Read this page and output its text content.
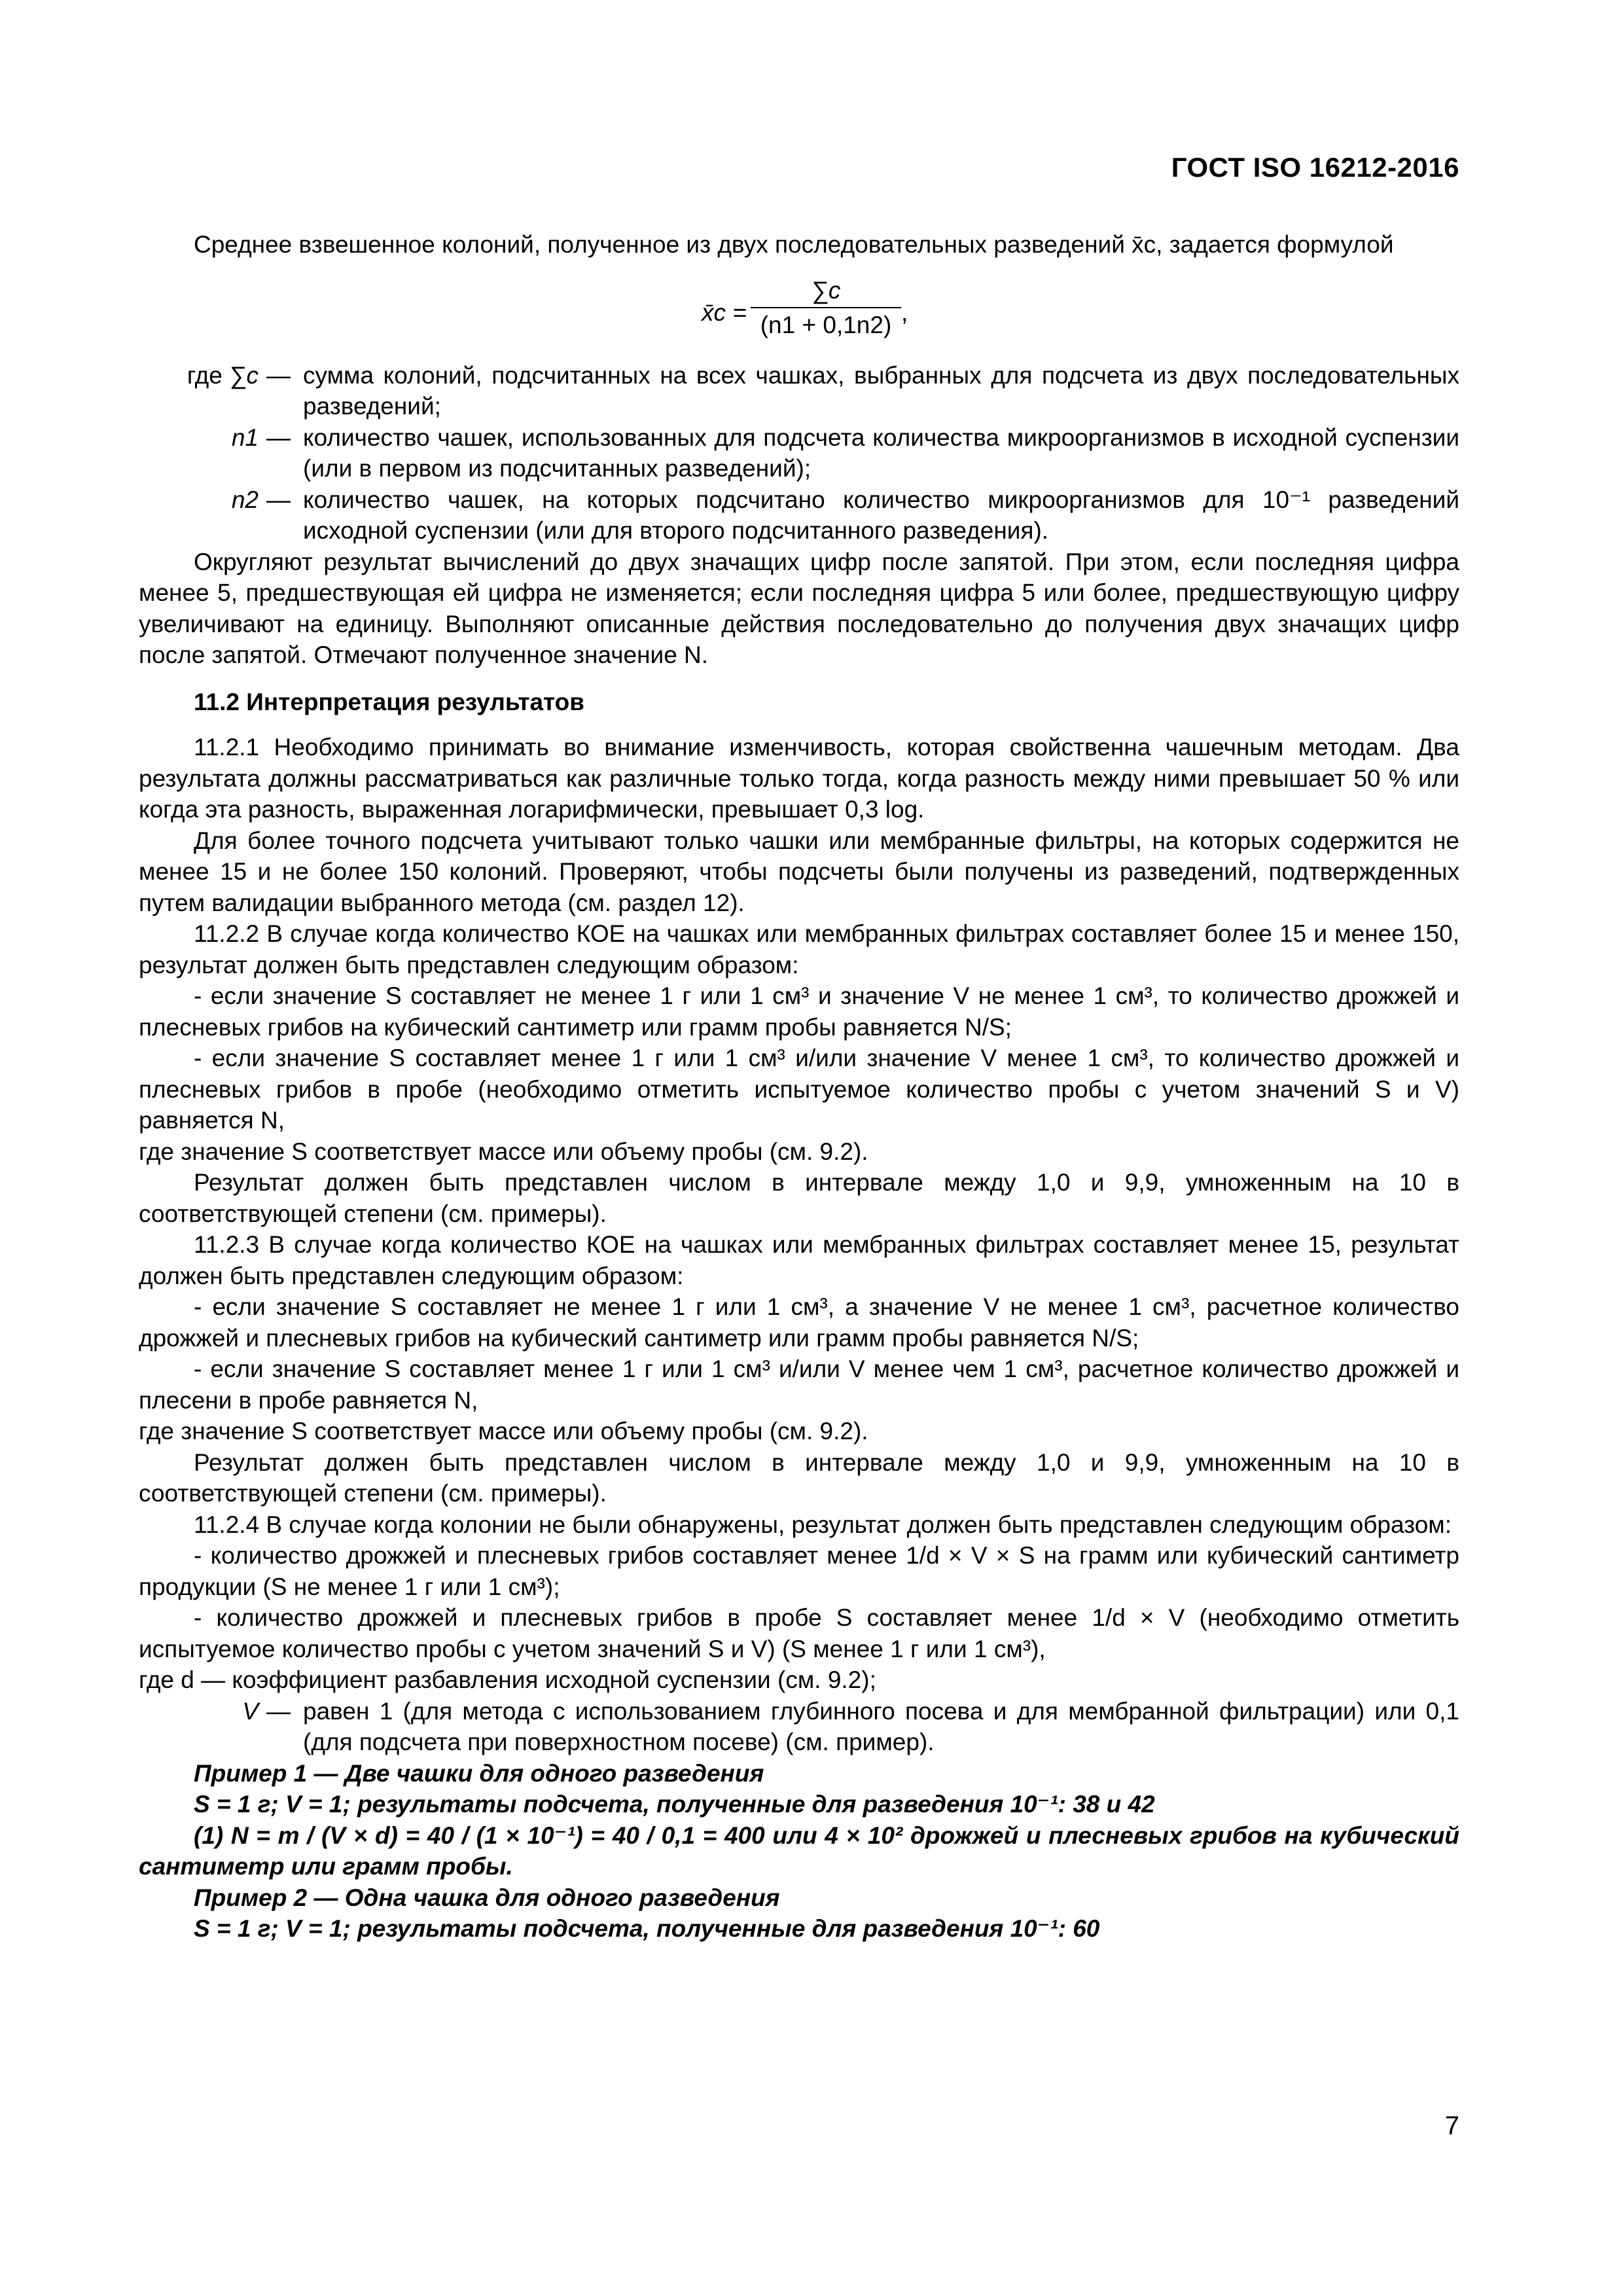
ГОСТ ISO 16212-2016

Среднее взвешенное колоний, полученное из двух последовательных разведений x̄c, задается формулой

x̄c = $\frac{\sum c}{(n1 + 0,1n2)}$ ,
где ∑c — сумма колоний, подсчитанных на всех чашках, выбранных для подсчета из двух последовательных разведений;
n1 — количество чашек, использованных для подсчета количества микроорганизмов в исходной суспензии (или в первом из подсчитанных разведений);
n2 — количество чашек, на которых подсчитано количество микроорганизмов для 10⁻¹ разведений исходной суспензии (или для второго подсчитанного разведения).

Округляют результат вычислений до двух значащих цифр после запятой. При этом, если последняя цифра менее 5, предшествующая ей цифра не изменяется; если последняя цифра 5 или более, предшествующую цифру увеличивают на единицу. Выполняют описанные действия последовательно до получения двух значащих цифр после запятой. Отмечают полученное значение N.

11.2 Интерпретация результатов

11.2.1 Необходимо принимать во внимание изменчивость, которая свойственна чашечным методам. Два результата должны рассматриваться как различные только тогда, когда разность между ними превышает 50 % или когда эта разность, выраженная логарифмически, превышает 0,3 log.

Для более точного подсчета учитывают только чашки или мембранные фильтры, на которых содержится не менее 15 и не более 150 колоний. Проверяют, чтобы подсчеты были получены из разведений, подтвержденных путем валидации выбранного метода (см. раздел 12).

11.2.2 В случае когда количество КОЕ на чашках или мембранных фильтрах составляет более 15 и менее 150, результат должен быть представлен следующим образом:

- если значение S составляет не менее 1 г или 1 см³ и значение V не менее 1 см³, то количество дрожжей и плесневых грибов на кубический сантиметр или грамм пробы равняется N/S;

- если значение S составляет менее 1 г или 1 см³ и/или значение V менее 1 см³, то количество дрожжей и плесневых грибов в пробе (необходимо отметить испытуемое количество пробы с учетом значений S и V) равняется N,

где значение S соответствует массе или объему пробы (см. 9.2).

Результат должен быть представлен числом в интервале между 1,0 и 9,9, умноженным на 10 в соответствующей степени (см. примеры).

11.2.3 В случае когда количество КОЕ на чашках или мембранных фильтрах составляет менее 15, результат должен быть представлен следующим образом:

- если значение S составляет не менее 1 г или 1 см³, а значение V не менее 1 см³, расчетное количество дрожжей и плесневых грибов на кубический сантиметр или грамм пробы равняется N/S;

- если значение S составляет менее 1 г или 1 см³ и/или V менее чем 1 см³, расчетное количество дрожжей и плесени в пробе равняется N,

где значение S соответствует массе или объему пробы (см. 9.2).

Результат должен быть представлен числом в интервале между 1,0 и 9,9, умноженным на 10 в соответствующей степени (см. примеры).

11.2.4 В случае когда колонии не были обнаружены, результат должен быть представлен следующим образом:

- количество дрожжей и плесневых грибов составляет менее 1/d × V × S на грамм или кубический сантиметр продукции (S не менее 1 г или 1 см³);

- количество дрожжей и плесневых грибов в пробе S составляет менее 1/d × V (необходимо отметить испытуемое количество пробы с учетом значений S и V) (S менее 1 г или 1 см³),

где d — коэффициент разбавления исходной суспензии (см. 9.2);

V — равен 1 (для метода с использованием глубинного посева и для мембранной фильтрации) или 0,1 (для подсчета при поверхностном посеве) (см. пример).

Пример 1 — Две чашки для одного разведения

S = 1 г; V = 1; результаты подсчета, полученные для разведения 10⁻¹: 38 и 42

(1) N = m / (V × d) = 40 / (1 × 10⁻¹) = 40 / 0,1 = 400 или 4 × 10² дрожжей и плесневых грибов на кубический сантиметр или грамм пробы.

Пример 2 — Одна чашка для одного разведения

S = 1 г; V = 1; результаты подсчета, полученные для разведения 10⁻¹: 60

7
